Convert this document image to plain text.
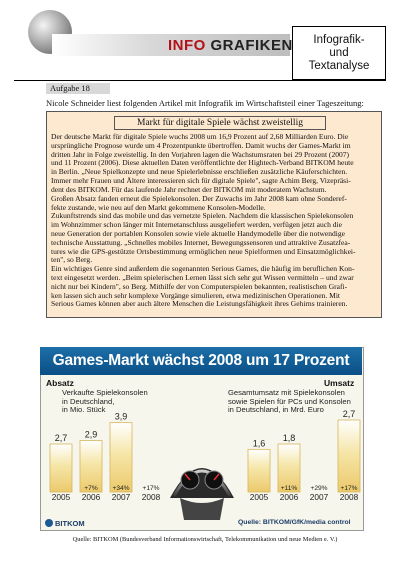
INFO GRAFIKEN	Infografik-
und
Textanalyse
Aufgabe 18
Nicole Schneider liest folgenden Artikel mit Infografik im Wirtschaftsteil einer Tageszeitung:
Markt für digitale Spiele wächst zweistellig
Der deutsche Markt für digitale Spiele wuchs 2008 um 16,9 Prozent auf 2,68 Milliarden Euro. Die
ursprüngliche Prognose wurde um 4 Prozentpunkte übertroffen. Damit wuchs der Games-Markt im
dritten Jahr in Folge zweistellig. In den Vorjahren lagen die Wachstumsraten bei 29 Prozent (2007)
und 11 Prozent (2006). Diese aktuellen Daten veröffentlichte der Hightech-Verband BITKOM heute
in Berlin. „Neue Spielkonzepte und neue Spielerlebnisse erschließen zusätzliche Käuferschichten.
Immer mehr Frauen und Ältere interessieren sich für digitale Spiele", sagte Achim Berg, Vizepräsi-
dent des BITKOM. Für das laufende Jahr rechnet der BITKOM mit moderatem Wachstum.
Großen Absatz fanden erneut die Spielekonsolen. Der Zuwachs im Jahr 2008 kam ohne Sonderef-
fekte zustande, wie neu auf den Markt gekommene Konsolen-Modelle.
Zukunftstrends sind das mobile und das vernetzte Spielen. Nachdem die klassischen Spielekonsolen
im Wohnzimmer schon länger mit Internetanschluss ausgeliefert werden, verfügen jetzt auch die
neue Generation der portablen Konsolen sowie viele aktuelle Handymodelle über die notwendige
technische Ausstattung. „Schnelles mobiles Internet, Bewegungssensoren und attraktive Zusatzfea-
tures wie die GPS-gestützte Ortsbestimmung ermöglichen neue Spielformen und Einsatzmöglichkei-
ten", so Berg.
Ein wichtiges Genre sind außerdem die sogenannten Serious Games, die häufig im beruflichen Kon-
text eingesetzt werden. „Beim spielerischen Lernen lässt sich sehr gut Wissen vermitteln – und zwar
nicht nur bei Kindern", so Berg. Mithilfe der von Computerspielen bekannten, realistischen Grafi-
ken lassen sich auch sehr komplexe Vorgänge simulieren, etwa medizinischen Operationen. Mit
Serious Games können aber auch ältere Menschen die Leistungsfähigkeit ihres Gehirns trainieren.
Games-Markt wächst 2008 um 17 Prozent
Absatz	Umsatz
Verkaufte Spielekonsolen
in Deutschland,
in Mio. Stück
Gesamtumsatz mit Spielekonsolen
sowie Spielen für PCs und Konsolen
in Deutschland, in Mrd. Euro
2,7
2005
2,9
+7%
2006
3,9
+34%
2007
+17%
2008
1,6
2005
1,8
+11%
2006
+29%
2007
2,7
+17%
2008
BITKOM	Quelle: BITKOM/GfK/media control
Quelle: BITKOM (Bundesverband Informationswirtschaft, Telekommunikation und neue Medien e. V.)
